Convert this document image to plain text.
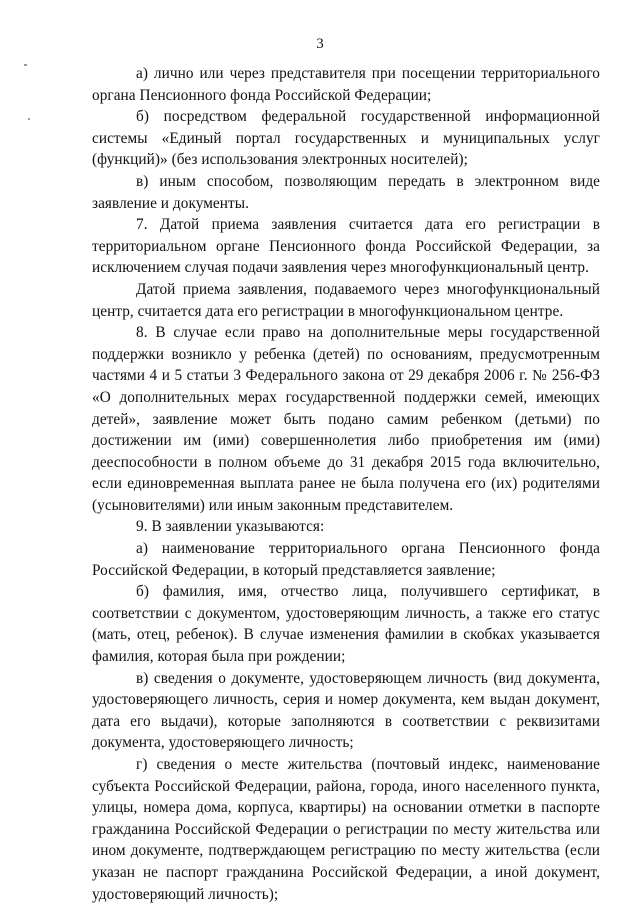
3

а) лично или через представителя при посещении территориального органа Пенсионного фонда Российской Федерации;

б) посредством федеральной государственной информационной системы «Единый портал государственных и муниципальных услуг (функций)» (без использования электронных носителей);

в) иным способом, позволяющим передать в электронном виде заявление и документы.

7. Датой приема заявления считается дата его регистрации в территориальном органе Пенсионного фонда Российской Федерации, за исключением случая подачи заявления через многофункциональный центр.

Датой приема заявления, подаваемого через многофункциональный центр, считается дата его регистрации в многофункциональном центре.

8. В случае если право на дополнительные меры государственной поддержки возникло у ребенка (детей) по основаниям, предусмотренным частями 4 и 5 статьи 3 Федерального закона от 29 декабря 2006 г. № 256-ФЗ «О дополнительных мерах государственной поддержки семей, имеющих детей», заявление может быть подано самим ребенком (детьми) по достижении им (ими) совершеннолетия либо приобретения им (ими) дееспособности в полном объеме до 31 декабря 2015 года включительно, если единовременная выплата ранее не была получена его (их) родителями (усыновителями) или иным законным представителем.

9. В заявлении указываются:

а) наименование территориального органа Пенсионного фонда Российской Федерации, в который представляется заявление;

б) фамилия, имя, отчество лица, получившего сертификат, в соответствии с документом, удостоверяющим личность, а также его статус (мать, отец, ребенок). В случае изменения фамилии в скобках указывается фамилия, которая была при рождении;

в) сведения о документе, удостоверяющем личность (вид документа, удостоверяющего личность, серия и номер документа, кем выдан документ, дата его выдачи), которые заполняются в соответствии с реквизитами документа, удостоверяющего личность;

г) сведения о месте жительства (почтовый индекс, наименование субъекта Российской Федерации, района, города, иного населенного пункта, улицы, номера дома, корпуса, квартиры) на основании отметки в паспорте гражданина Российской Федерации о регистрации по месту жительства или ином документе, подтверждающем регистрацию по месту жительства (если указан не паспорт гражданина Российской Федерации, а иной документ, удостоверяющий личность);
